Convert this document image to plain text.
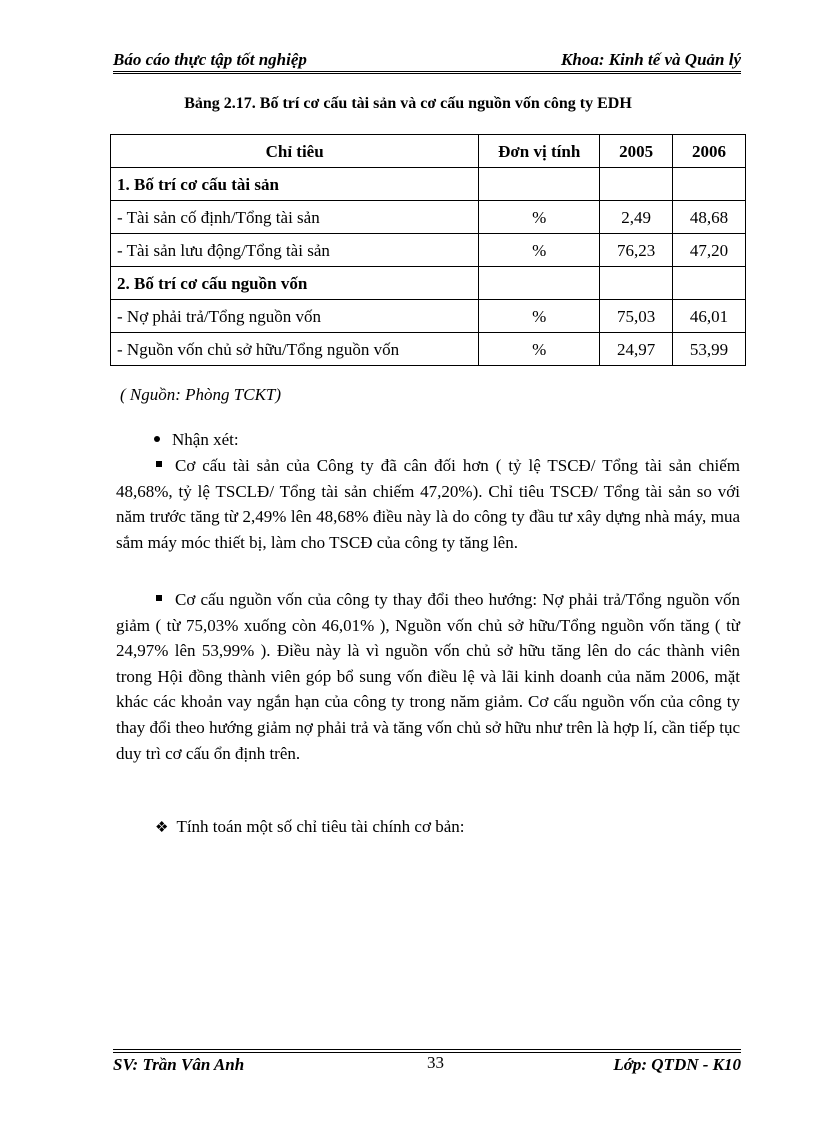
Báo cáo thực tập tốt nghiệp	Khoa: Kinh tế và Quản lý
Bảng 2.17. Bố trí cơ cấu tài sản và cơ cấu nguồn vốn công ty EDH
Chỉ tiêu	Đơn vị tính	2005	2006
1. Bố trí cơ cấu tài sản			
- Tài sản cố định/Tổng tài sản	%	2,49	48,68
- Tài sản lưu động/Tổng tài sản	%	76,23	47,20
2. Bố trí cơ cấu nguồn vốn			
- Nợ phải trả/Tổng nguồn vốn	%	75,03	46,01
- Nguồn vốn chủ sở hữu/Tổng nguồn vốn	%	24,97	53,99
( Nguồn: Phòng TCKT)
Nhận xét:
Cơ cấu tài sản của Công ty đã cân đối hơn ( tỷ lệ TSCĐ/ Tổng tài sản chiếm 48,68%, tỷ lệ TSCLĐ/ Tổng tài sản chiếm 47,20%). Chỉ tiêu TSCĐ/ Tổng tài sản so với năm trước tăng từ 2,49% lên 48,68% điều này là do công ty đầu tư xây dựng nhà máy, mua sắm máy móc thiết bị, làm cho TSCĐ của công ty tăng lên.
Cơ cấu nguồn vốn của công ty thay đổi theo hướng: Nợ phải trả/Tổng nguồn vốn giảm ( từ 75,03% xuống còn 46,01% ), Nguồn vốn chủ sở hữu/Tổng nguồn vốn tăng ( từ 24,97% lên 53,99% ). Điều này là vì nguồn vốn chủ sở hữu tăng lên do các thành viên trong Hội đồng thành viên góp bổ sung vốn điều lệ và lãi kinh doanh của năm 2006, mặt khác các khoản vay ngắn hạn của công ty trong năm giảm. Cơ cấu nguồn vốn của công ty thay đổi theo hướng giảm nợ phải trả và tăng vốn chủ sở hữu như trên là hợp lí, cần tiếp tục duy trì cơ cấu ổn định trên.
❖ Tính toán một số chỉ tiêu tài chính cơ bản:
SV: Trần Vân Anh	33	Lớp: QTDN - K10
